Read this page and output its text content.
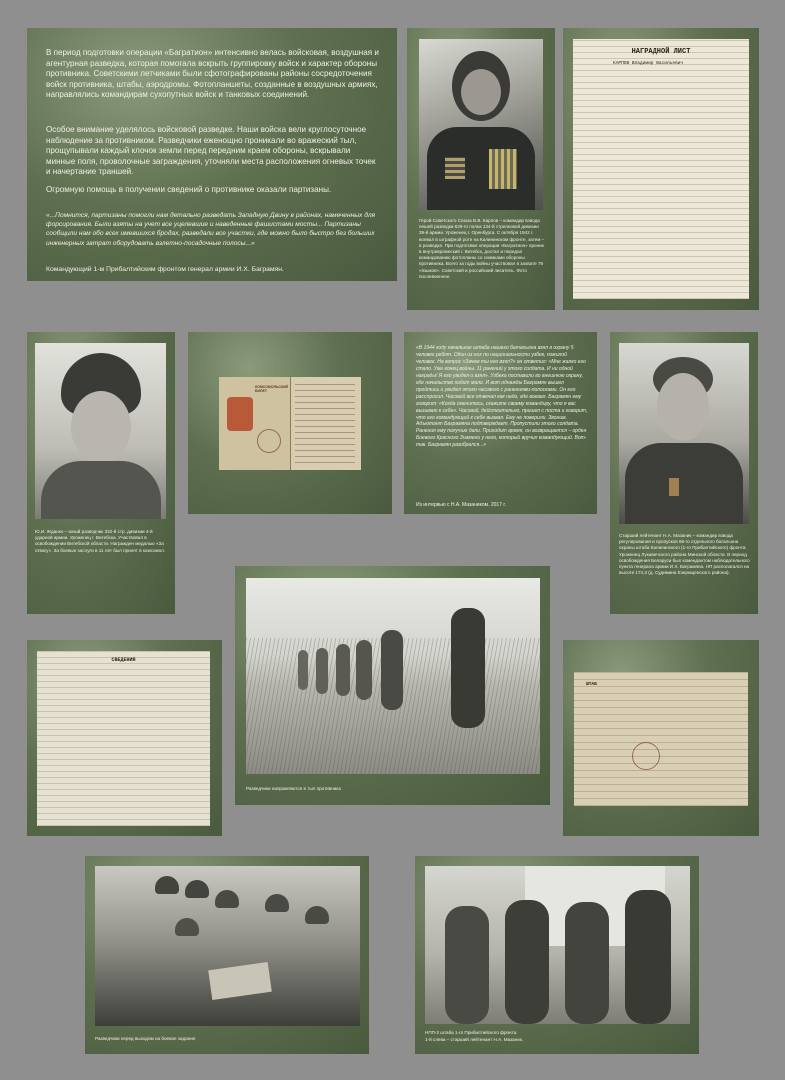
В период подготовки операции «Багратион» интенсивно велась войсковая, воздушная и агентурная разведка, которая помогала вскрыть группировку войск и характер обороны противника. Советскими летчиками были сфотографированы районы сосредоточения войск противника, штабы, аэродромы. Фотопланшеты, созданные в воздушных армиях, направлялись командирам сухопутных войск и танковых соединений.
Особое внимание уделялось войсковой разведке. Наши войска вели круглосуточное наблюдение за противником. Разведчики еженощно проникали во вражеский тыл, прощупывали каждый клочок земли перед передним краем обороны, вскрывали минные поля, проволочные заграждения, уточняли места расположения огневых точек и начертание траншей.
Огромную помощь в получении сведений о противнике оказали партизаны.
«...Помнится, партизаны помогли нам детально разведать Западную Двину в районах, намеченных для форсирования. Были взяты на учет все уцелевшие и наведенные фашистами мосты... Партизаны сообщили нам обо всех имевшихся бродах, разведали все участки, где можно было быстро без больших инженерных затрат оборудовать взлетно-посадочные полосы...»
Командующий 1-м Прибалтийским фронтом генерал армии И.Х. Баграмян.
Герой Советского Союза В.В. Карпов – командир взвода пешей разведки 629-го полка 134-й стрелковой дивизии 39-й армии. Уроженец г. Оренбурга. С октября 1942 г. воевал в штрафной роте на Калининском фронте, затем – в разведке. При подготовке операции «Багратион» проник в внутривражеский г. Витебск, достал и передал командованию фотопланы со снимками обороны противника. Всего за годы войны участвовал в захвате 79 «языков». Советский и российский писатель. Фото послевоенное.
НАГРАДНОЙ ЛИСТ
КАРПОВ Владимир Васильевич
Ю.И. Жданко – юный разведчик 332-й стр. дивизии 4-й ударной армии. Уроженец г. Витебска. Участвовал в освобождении Витебской области. Награжден медалью «За отвагу». За боевые заслуги в 11 лет был принят в комсомол.
КОМСОМОЛЬСКИЙ БИЛЕТ
«В 1944 году начальник штаба нашего батальона взял в охрану 5 человек ребят. Один из них по национальности узбек, пожилой человек. На вопрос «Зачем ты его взял?» он ответил: «Мне жалко его стало. Уже конец войны. 11 ранений у этого солдата. И ни одной награды! Я его увидел и взял». Узбека поставили во внешнюю охрану, где начальство ходит мало. И вот однажды Баграмян вышел пройтись и увидел этого часового с ранениями-полосками. Он его расспросил. Часовой все отвечал как надо, где воевал. Баграмян ему говорит: «Когда сменитесь, скажите своему командиру, что я вас вызываю к себе». Часовой, действительно, пришел с поста и говорит, что его командующий к себе вызвал. Ему не поверили. Звоним. Адъютант Баграмяна подтверждает. Пропустили этого солдата. Ранения ему получше дали. Приходит время, он возвращается – орден Боевого Красного Знамени у него, который вручил командующий. Вот-так. Баграмян разобрался...»
Из интервью с Н.А. Мазаником. 2017 г.
Старший лейтенант Н.А. Мазаник – командир взвода регулирования и пропусков 66-го отдельного батальона охраны штаба Калининского (1-го Прибалтийского) фронта. Уроженец Лукавичского района Минской области. В период освобождения Беларуси был комендантом наблюдательного пункта генерала армии И.Х. Баграмяна. НП располагался на высоте 174,3 (д. Судимина Езерищенского района).
СВЕДЕНИЯ
Разведчики направляются в тыл противника
ШТАБ
Разведчики перед выходом на боевое задание
НПП-2 штаба 1-го Прибалтийского фронта.
1-й слева – старший лейтенант Н.А. Мазаник.
